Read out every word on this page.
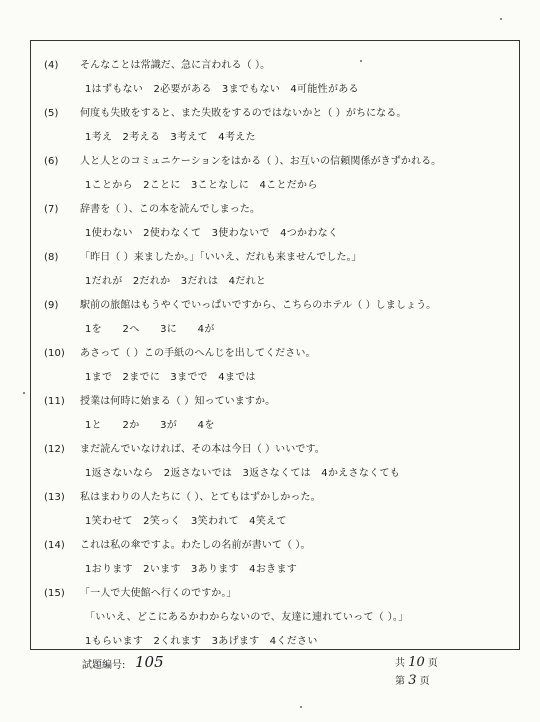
(4) そんなことは常識だ、急に言われる（ ）。
1はずもない　2必要がある　3までもない　4可能性がある
(5) 何度も失敗をすると、また失敗をするのではないかと（ ）がちになる。
1考え　2考える　3考えて　4考えた
(6) 人と人とのコミュニケーションをはかる（ ）、お互いの信頼関係がきずかれる。
1ことから　2ことに　3ことなしに　4ことだから
(7) 辞書を（ ）、この本を読んでしまった。
1使わない　2使わなくて　3使わないで　4つかわなく
(8) 「昨日（ ）来ましたか。」「いいえ、だれも来ませんでした。」
1だれが　2だれか　3だれは　4だれと
(9) 駅前の旅館はもうやくでいっぱいですから、こちらのホテル（ ）しましょう。
1を　　2へ　　3に　　4が
(10) あさって（ ）この手紙のへんじを出してください。
1まで　2までに　3までで　4までは
(11) 授業は何時に始まる（ ）知っていますか。
1と　　2か　　3が　　4を
(12) まだ読んでいなければ、その本は今日（ ）いいです。
1返さないなら　2返さないでは　3返さなくては　4かえさなくても
(13) 私はまわりの人たちに（ ）、とてもはずかしかった。
1笑わせて　2笑っく　3笑われて　4笑えて
(14) これは私の傘ですよ。わたしの名前が書いて（ ）。
1おります　2います　3あります　4おきます
(15) 「一人で大使館へ行くのですか。」
「いいえ、どこにあるかわからないので、友達に連れていって（ ）。」
1もらいます　2くれます　3あげます　4ください
試題編号: 105	共 10 页
第 3 页
